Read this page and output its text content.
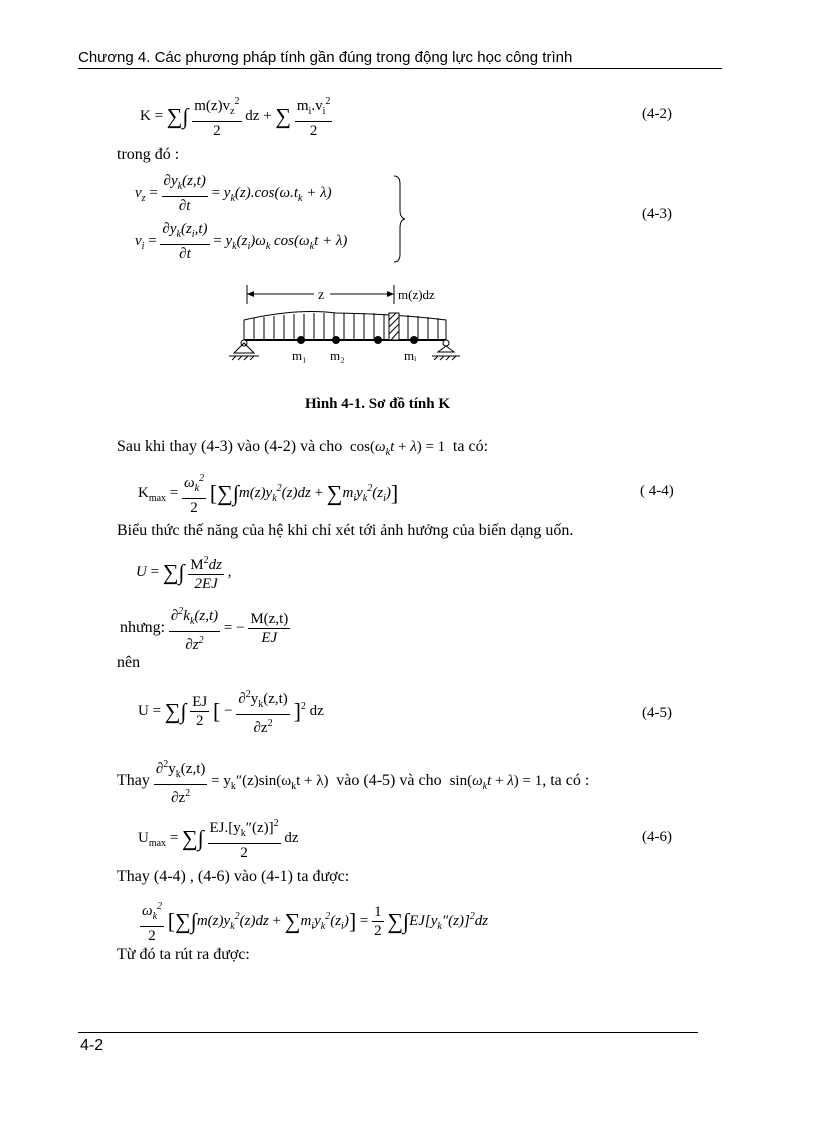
Chương 4. Các phương pháp tính gần đúng trong động lực học công trình
K = ∑∫ $\frac{m(z)v_z^2}{2}$ dz + ∑ $\frac{m_i.v_i^2}{2}$	(4-2)
trong đó :
$v_z = \frac{\partial y_k(z,t)}{\partial t} = y_k(z).\cos(\omega.t_k + \lambda)$
$v_i = \frac{\partial y_k(z_i,t)}{\partial t} = y_k(z_i)\omega_k$ $\cos(\omega_kt + \lambda)$
(4-3)
z	m(z)dz
m₁ m₂	mᵢ
Hình 4-1. Sơ đồ tính K
Sau khi thay (4-3) vào (4-2) và cho  $\cos(\omega_kt + \lambda) = 1$  ta có:
$K_{max} = \frac{\omega_k^2}{2} [\sum\int m(z)y_k^2(z)dz + \sum m_iy_k^2(z_i)]$	( 4-4)
Biểu thức thế năng của hệ khi chỉ xét tới ảnh hưởng của biến dạng uốn.
U = ∑∫ $\frac{M^2dz}{2EJ}$ ,
nhưng: $\frac{\partial^2k_k(z,t)}{\partial z^2}$ = − $\frac{M(z,t)}{EJ}$
nên
U = ∑∫ $\frac{EJ}{2}$ [ − $\frac{\partial^2y_k(z,t)}{\partial z^2} ]^2$ dz	(4-5)
Thay $\frac{\partial^2y_k(z,t)}{\partial z^2} = y_k''(z)\sin(\omega_kt + \lambda)$  vào (4-5) và cho $\sin(\omega_kt + \lambda) = 1$, ta có :
$U_{max}$ = ∑∫ $\frac{EJ.[y_k''(z)]^2}{2}$ dz	(4-6)
Thay (4-4) , (4-6) vào (4-1) ta được:
$\frac{\omega_k^2}{2} [\sum\int m(z)y_k^2(z)dz + \sum m_iy_k^2(z_i)] = \frac{1}{2} \sum\int EJ[y_k''(z)]^2dz$
Từ đó ta rút ra được:
4-2
